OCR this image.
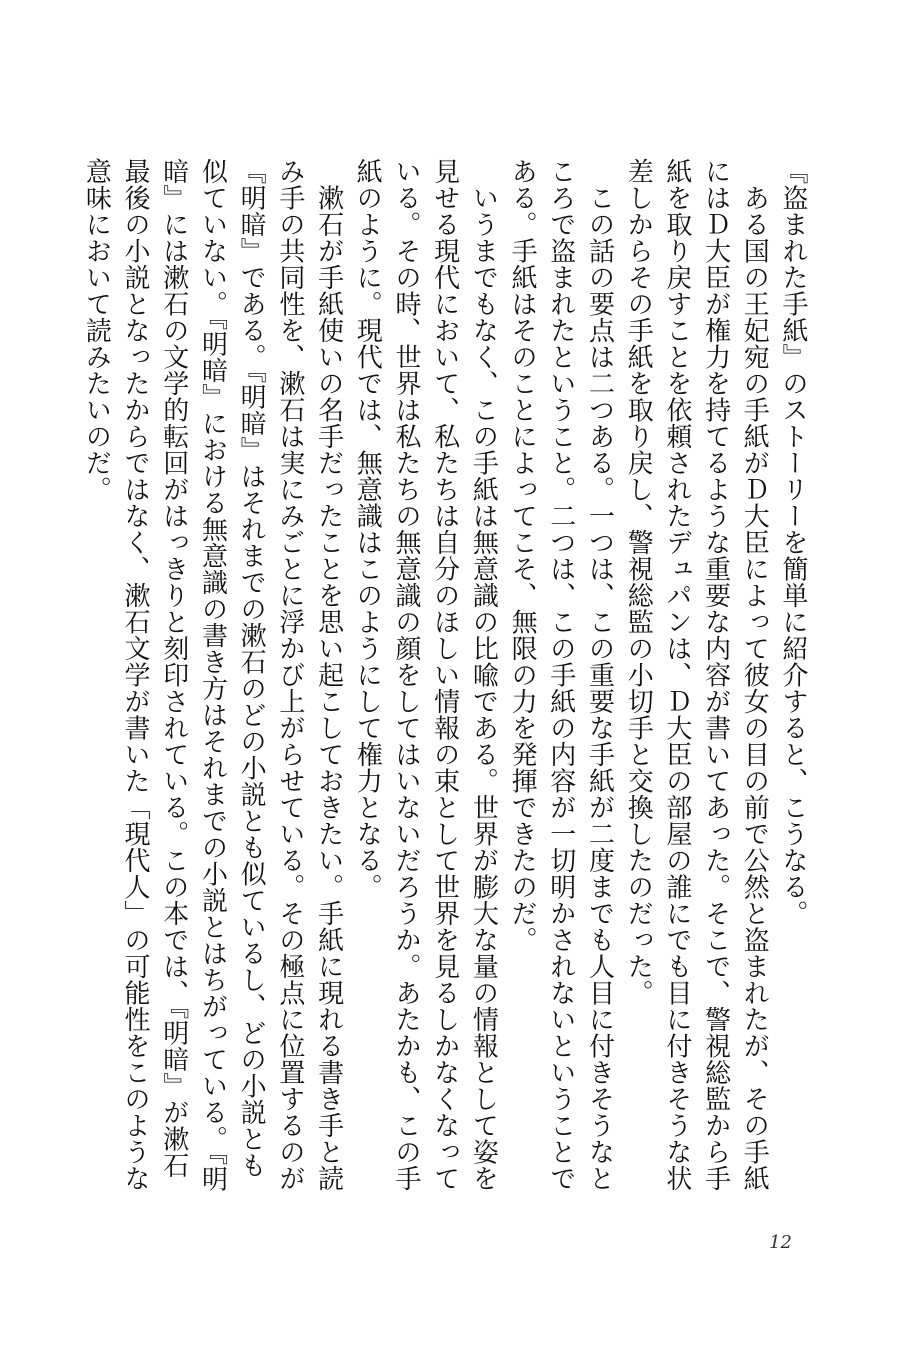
『盗まれた手紙』のストーリーを簡単に紹介すると、こうなる。

　ある国の王妃宛の手紙がＤ大臣によって彼女の目の前で公然と盗まれたが、その手紙にはＤ大臣が権力を持てるような重要な内容が書いてあった。そこで、警視総監から手紙を取り戻すことを依頼されたデュパンは、Ｄ大臣の部屋の誰にでも目に付きそうな状差しからその手紙を取り戻し、警視総監の小切手と交換したのだった。

　この話の要点は二つある。一つは、この重要な手紙が二度までも人目に付きそうなところで盗まれたということ。二つは、この手紙の内容が一切明かされないということである。手紙はそのことによってこそ、無限の力を発揮できたのだ。

　いうまでもなく、この手紙は無意識の比喩である。世界が膨大な量の情報として姿を見せる現代において、私たちは自分のほしい情報の束として世界を見るしかなくなっている。その時、世界は私たちの無意識の顔をしてはいないだろうか。あたかも、この手紙のように。現代では、無意識はこのようにして権力となる。

　漱石が手紙使いの名手だったことを思い起こしておきたい。手紙に現れる書き手と読み手の共同性を、漱石は実にみごとに浮かび上がらせている。その極点に位置するのが『明暗』である。『明暗』はそれまでの漱石のどの小説とも似ているし、どの小説とも似ていない。『明暗』における無意識の書き方はそれまでの小説とはちがっている。『明暗』には漱石の文学的転回がはっきりと刻印されている。この本では、『明暗』が漱石最後の小説となったからではなく、漱石文学が書いた「現代人」の可能性をこのような意味において読みたいのだ。

12
